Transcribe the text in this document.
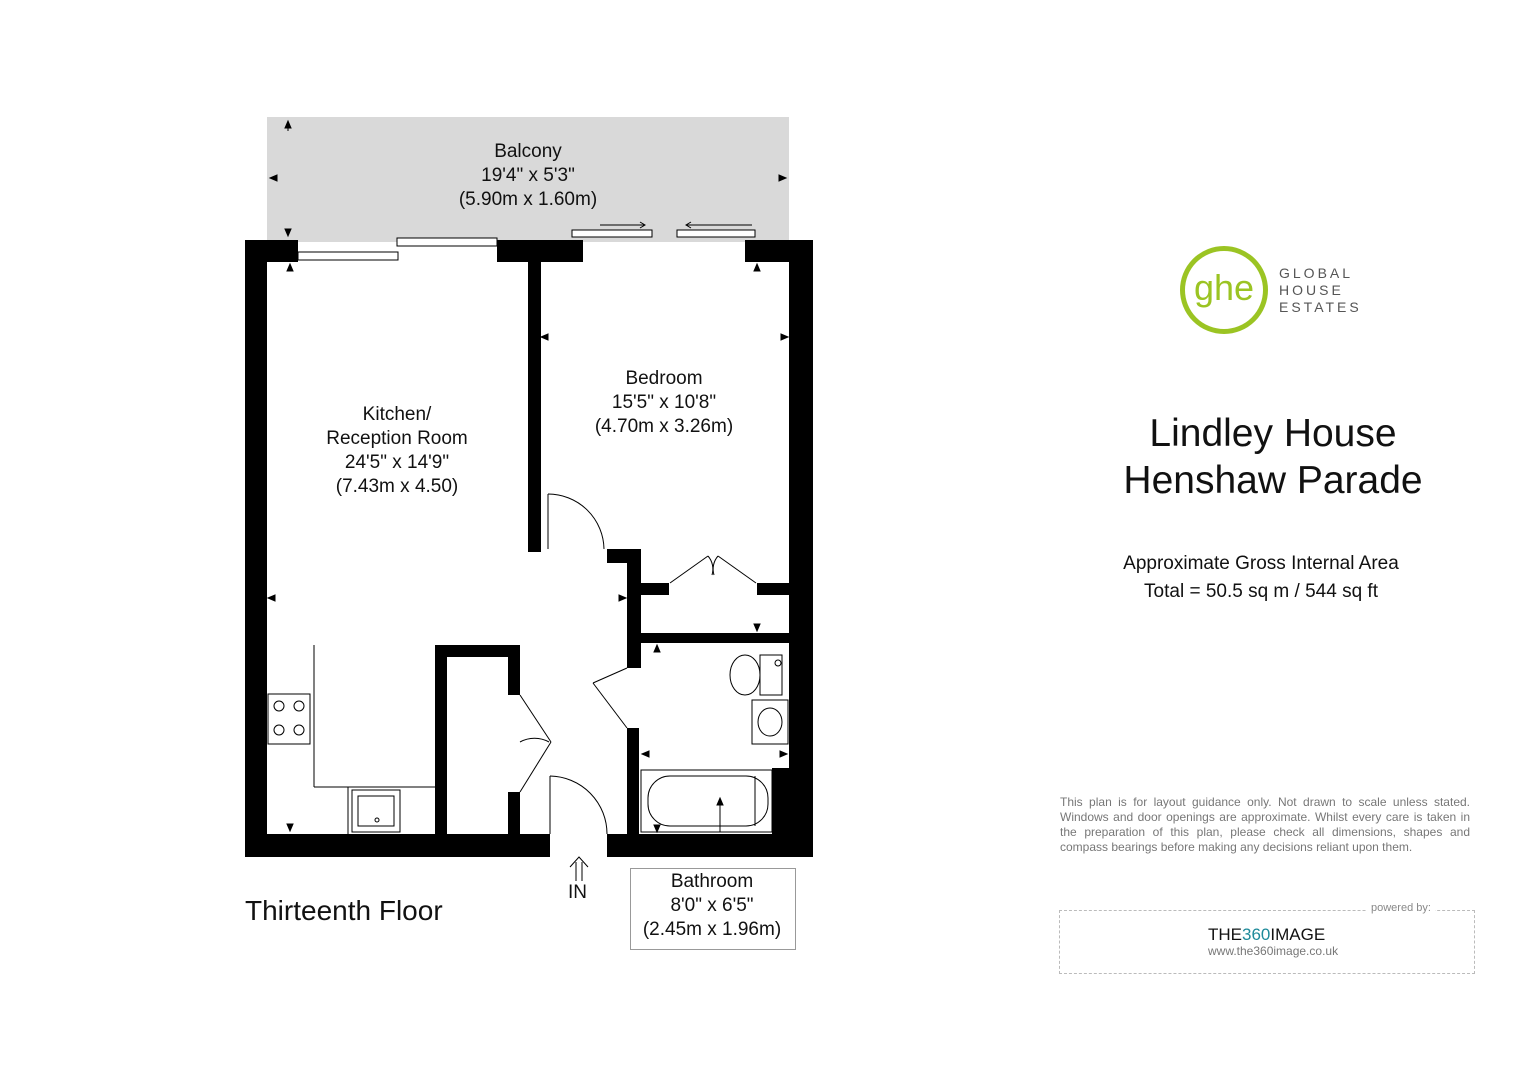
Balcony
19'4" x 5'3"
(5.90m x 1.60m)
Bedroom
15'5" x 10'8"
(4.70m x 3.26m)
Kitchen/
Reception Room
24'5" x 14'9"
(7.43m x 4.50)
Bathroom
8'0" x 6'5"
(2.45m x 1.96m)
Thirteenth Floor
IN
ghe	GLOBAL
HOUSE
ESTATES
Lindley House
Henshaw Parade
Approximate Gross Internal Area
Total = 50.5 sq m / 544 sq ft
This plan is for layout guidance only. Not drawn to scale unless stated. Windows and door openings are approximate. Whilst every care is taken in the preparation of this plan, please check all dimensions, shapes and compass bearings before making any decisions reliant upon them.
powered by:
THE360IMAGE
www.the360image.co.uk
